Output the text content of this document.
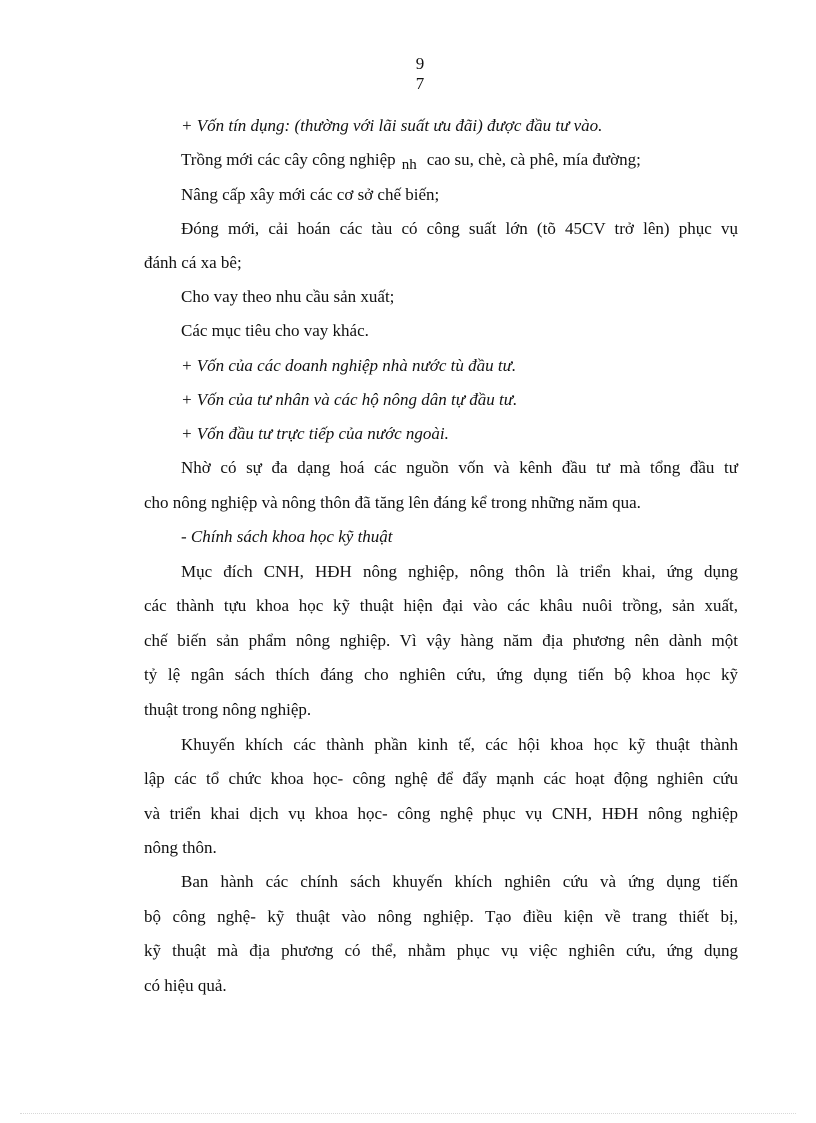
9
7
+ Vốn tín dụng: (thường với lãi suất ưu đãi) được đầu tư vào.
Trồng mới các cây công nghiệp nh cao su, chè, cà phê, mía đường;
Nâng cấp xây mới các cơ sở chế biến;
Đóng mới, cải hoán các tàu có công suất lớn (tõ 45CV trở lên) phục vụ
đánh cá xa bê;
Cho vay theo nhu cầu sản xuất;
Các mục tiêu cho vay khác.
+ Vốn của các doanh nghiệp nhà nước tù đầu tư.
+ Vốn của tư nhân và các hộ nông dân tự đầu tư.
+ Vốn đầu tư trực tiếp của nước ngoài.
Nhờ có sự đa dạng hoá các nguồn vốn và kênh đầu tư mà tổng đầu tư
cho nông nghiệp và nông thôn đã tăng lên đáng kể trong những năm qua.
- Chính sách khoa học kỹ thuật
Mục đích CNH, HĐH nông nghiệp, nông thôn là triển khai, ứng dụng
các thành tựu khoa học kỹ thuật hiện đại vào các khâu nuôi trồng, sản xuất,
chế biến sản phẩm nông nghiệp. Vì vậy hàng năm địa phương nên dành một
tỷ lệ ngân sách thích đáng cho nghiên cứu, ứng dụng tiến bộ khoa học kỹ
thuật trong nông nghiệp.
Khuyến khích các thành phần kinh tế, các hội khoa học kỹ thuật thành
lập các tổ chức khoa học- công nghệ để đẩy mạnh các hoạt động nghiên cứu
và triển khai dịch vụ khoa học- công nghệ phục vụ CNH, HĐH nông nghiệp
nông thôn.
Ban hành các chính sách khuyến khích nghiên cứu và ứng dụng tiến
bộ công nghệ- kỹ thuật vào nông nghiệp. Tạo điều kiện về trang thiết bị,
kỹ thuật mà địa phương có thể, nhằm phục vụ việc nghiên cứu, ứng dụng
có hiệu quả.
